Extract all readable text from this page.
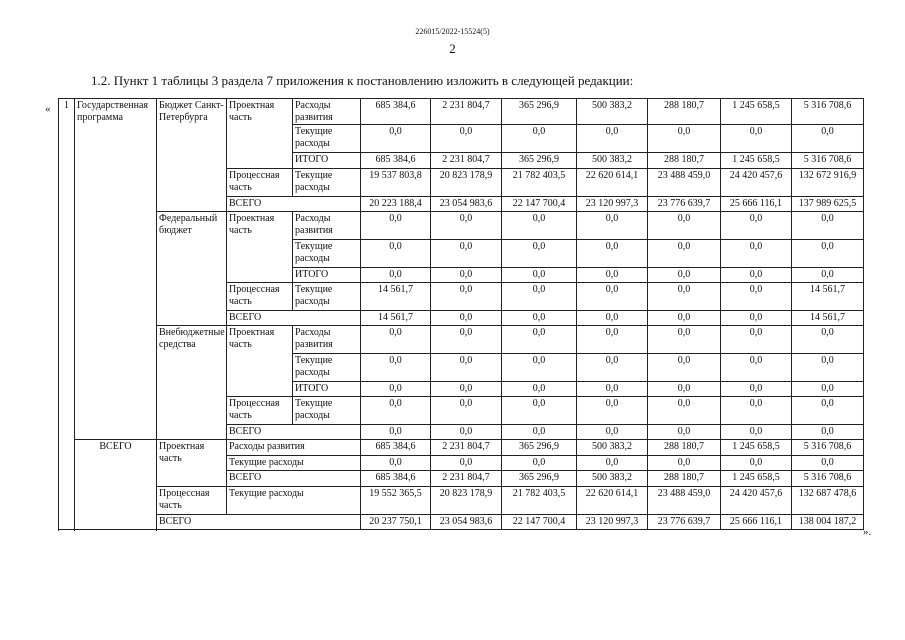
226015/2022-15524(5)
2
1.2. Пункт 1 таблицы 3 раздела 7 приложения к постановлению изложить в следующей редакции:
«
».
1	Государственная программа	Бюджет Санкт-Петербурга	Проектная часть	Расходы развития	685 384,6	2 231 804,7	365 296,9	500 383,2	288 180,7	1 245 658,5	5 316 708,6
				Текущие расходы	0,0	0,0	0,0	0,0	0,0	0,0	0,0
				ИТОГО	685 384,6	2 231 804,7	365 296,9	500 383,2	288 180,7	1 245 658,5	5 316 708,6
			Процессная часть	Текущие расходы	19 537 803,8	20 823 178,9	21 782 403,5	22 620 614,1	23 488 459,0	24 420 457,6	132 672 916,9
			ВСЕГО		20 223 188,4	23 054 983,6	22 147 700,4	23 120 997,3	23 776 639,7	25 666 116,1	137 989 625,5

		Федеральный бюджет	Проектная часть	Расходы развития	0,0	0,0	0,0	0,0	0,0	0,0	0,0
				Текущие расходы	0,0	0,0	0,0	0,0	0,0	0,0	0,0
				ИТОГО	0,0	0,0	0,0	0,0	0,0	0,0	0,0
			Процессная часть	Текущие расходы	14 561,7	0,0	0,0	0,0	0,0	0,0	14 561,7
			ВСЕГО		14 561,7	0,0	0,0	0,0	0,0	0,0	14 561,7

		Внебюджетные средства	Проектная часть	Расходы развития	0,0	0,0	0,0	0,0	0,0	0,0	0,0
				Текущие расходы	0,0	0,0	0,0	0,0	0,0	0,0	0,0
				ИТОГО	0,0	0,0	0,0	0,0	0,0	0,0	0,0
			Процессная часть	Текущие расходы	0,0	0,0	0,0	0,0	0,0	0,0	0,0
			ВСЕГО		0,0	0,0	0,0	0,0	0,0	0,0	0,0

	ВСЕГО	Проектная часть	Расходы развития		685 384,6	2 231 804,7	365 296,9	500 383,2	288 180,7	1 245 658,5	5 316 708,6
			Текущие расходы		0,0	0,0	0,0	0,0	0,0	0,0	0,0
			ВСЕГО		685 384,6	2 231 804,7	365 296,9	500 383,2	288 180,7	1 245 658,5	5 316 708,6
		Процессная часть	Текущие расходы		19 552 365,5	20 823 178,9	21 782 403,5	22 620 614,1	23 488 459,0	24 420 457,6	132 687 478,6
		ВСЕГО			20 237 750,1	23 054 983,6	22 147 700,4	23 120 997,3	23 776 639,7	25 666 116,1	138 004 187,2
